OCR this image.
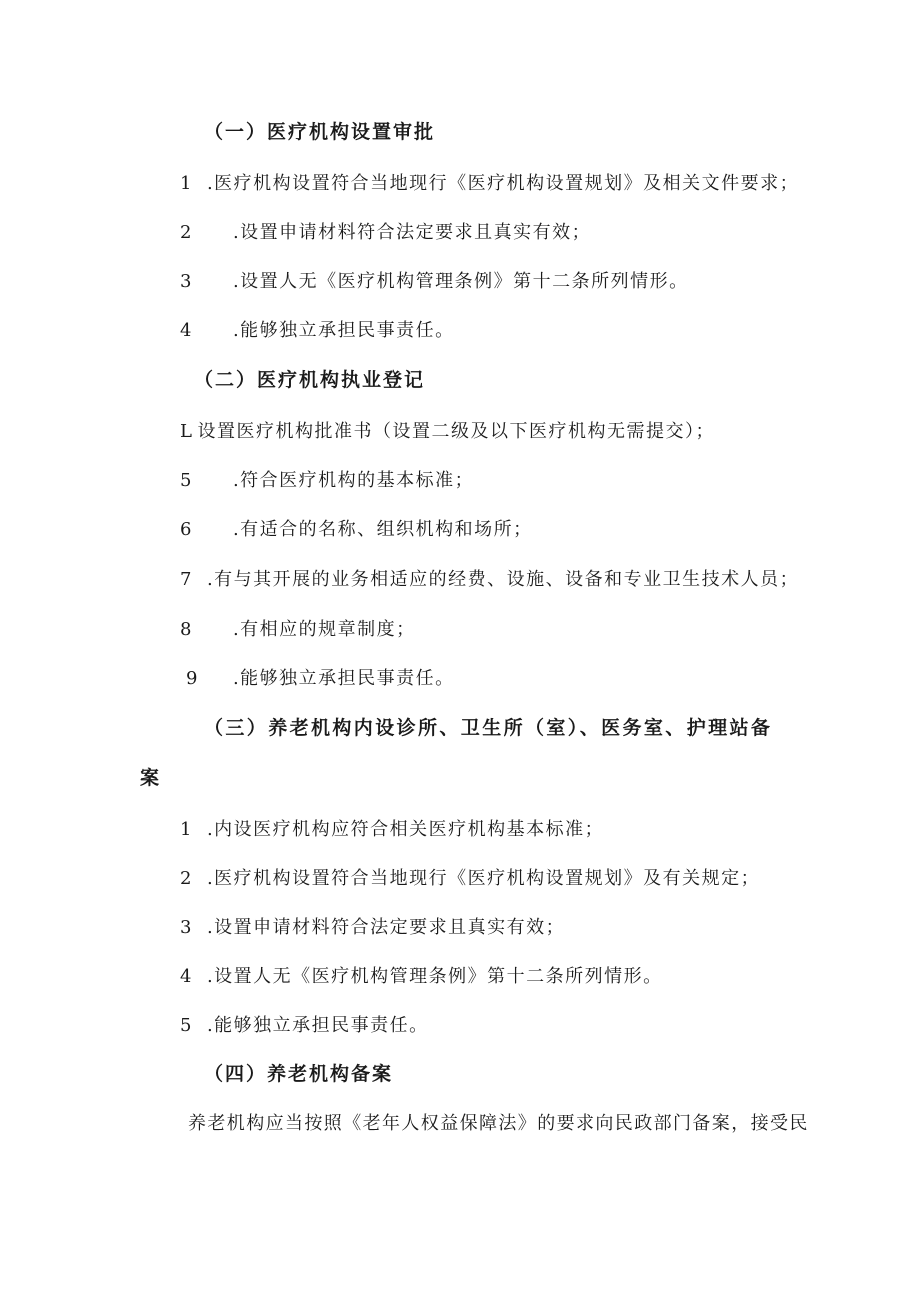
（一）医疗机构设置审批
1 .医疗机构设置符合当地现行《医疗机构设置规划》及相关文件要求；
2 .设置申请材料符合法定要求且真实有效；
3 .设置人无《医疗机构管理条例》第十二条所列情形。
4 .能够独立承担民事责任。
（二）医疗机构执业登记
L 设置医疗机构批准书（设置二级及以下医疗机构无需提交）；
5 .符合医疗机构的基本标准；
6 .有适合的名称、组织机构和场所；
7 .有与其开展的业务相适应的经费、设施、设备和专业卫生技术人员；
8 .有相应的规章制度；
9 .能够独立承担民事责任。
（三）养老机构内设诊所、卫生所（室）、医务室、护理站备
案
1 .内设医疗机构应符合相关医疗机构基本标准；
2 .医疗机构设置符合当地现行《医疗机构设置规划》及有关规定；
3 .设置申请材料符合法定要求且真实有效；
4 .设置人无《医疗机构管理条例》第十二条所列情形。
5 .能够独立承担民事责任。
（四）养老机构备案
养老机构应当按照《老年人权益保障法》的要求向民政部门备案，接受民
